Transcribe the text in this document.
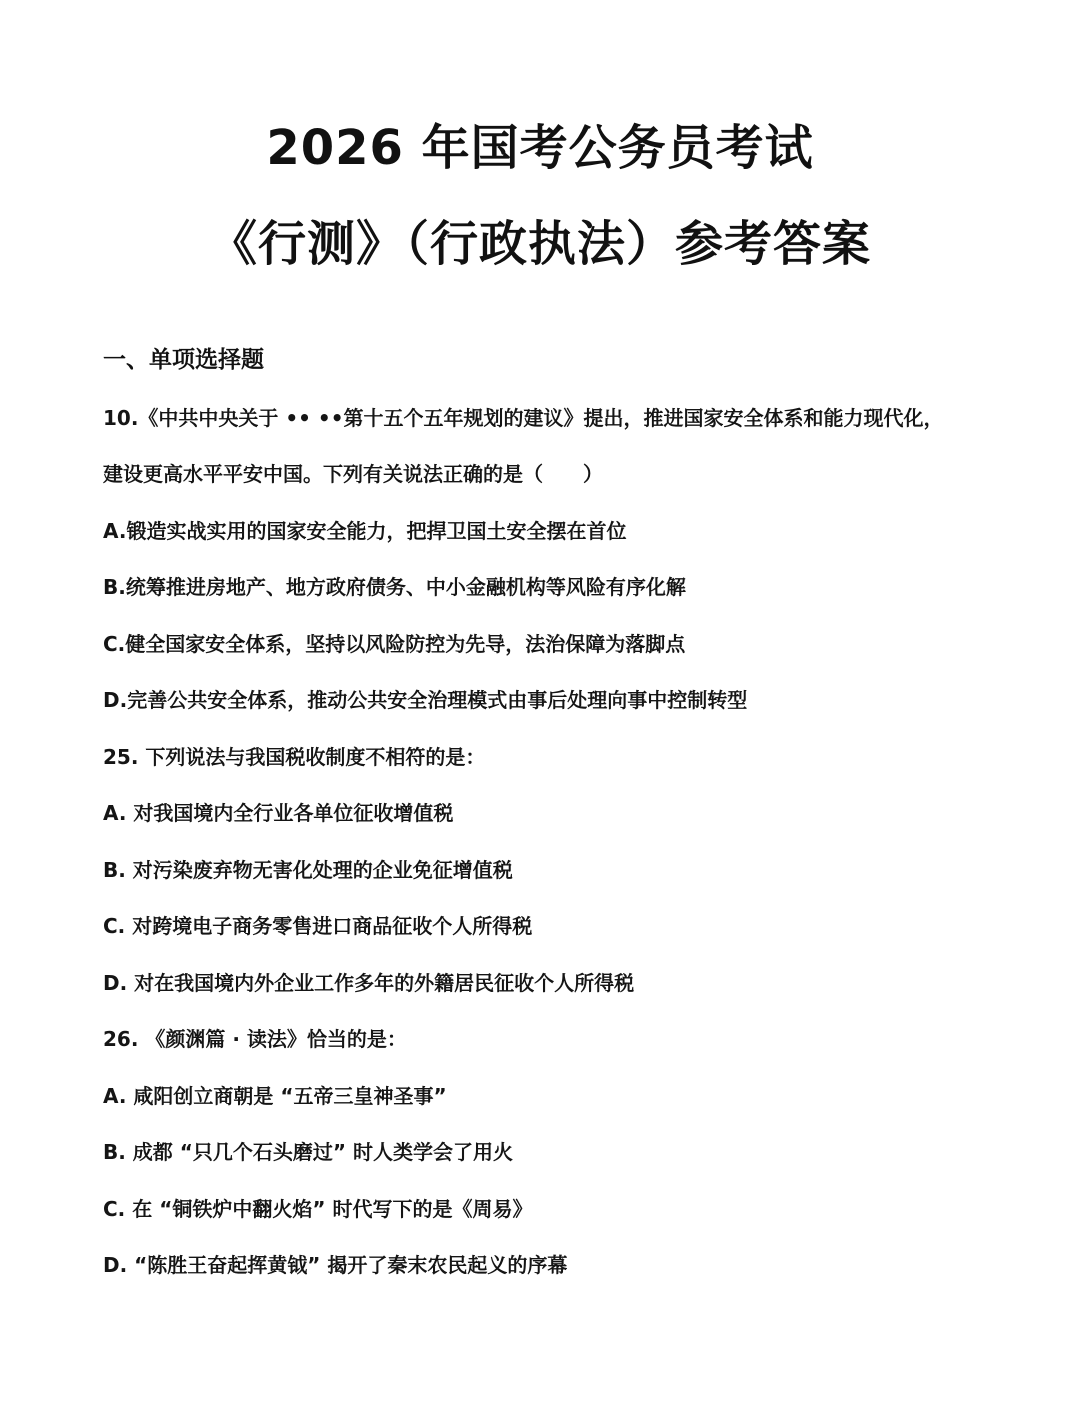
2026 年国考公务员考试
《行测》（行政执法）参考答案
一、单项选择题
10.《中共中央关于 •• ••第十五个五年规划的建议》提出，推进国家安全体系和能力现代化，
建设更高水平平安中国。下列有关说法正确的是（　　）
A.锻造实战实用的国家安全能力，把捍卫国土安全摆在首位
B.统筹推进房地产、地方政府债务、中小金融机构等风险有序化解
C.健全国家安全体系，坚持以风险防控为先导，法治保障为落脚点
D.完善公共安全体系，推动公共安全治理模式由事后处理向事中控制转型
25. 下列说法与我国税收制度不相符的是：
A. 对我国境内全行业各单位征收增值税
B. 对污染废弃物无害化处理的企业免征增值税
C. 对跨境电子商务零售进口商品征收个人所得税
D. 对在我国境内外企业工作多年的外籍居民征收个人所得税
26. 《颜渊篇 · 读法》恰当的是：
A. 咸阳创立商朝是 “五帝三皇神圣事”
B. 成都 “只几个石头磨过” 时人类学会了用火
C. 在 “铜铁炉中翻火焰” 时代写下的是《周易》
D. “陈胜王奋起挥黄钺” 揭开了秦末农民起义的序幕
